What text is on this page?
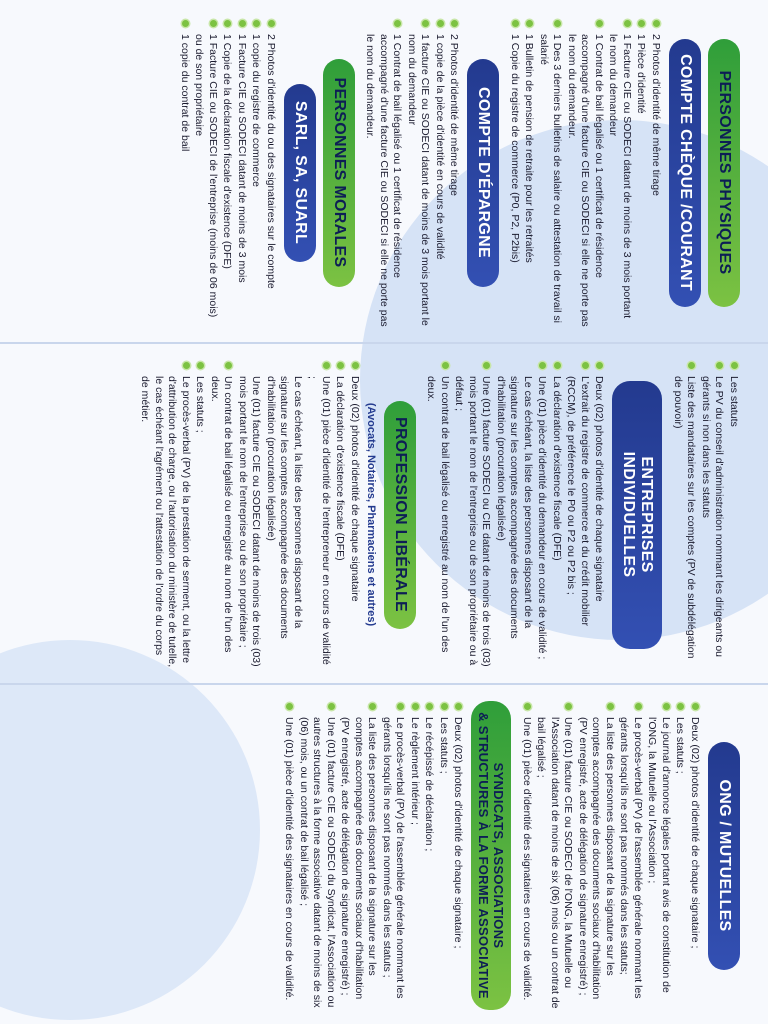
PERSONNES PHYSIQUES
COMPTE CHÈQUE /COURANT
2 Photos d'identité de même tirage
1 Pièce d'identité
1 Facture CIE ou SODECI datant de moins de 3 mois portant le nom du demandeur
1 Contrat de bail légalisé ou 1 certificat de résidence accompagné d'une facture CIE ou SODECI si elle ne porte pas le nom du demandeur.
1 Des 3 derniers bulletins de salaire ou attestation de travail si salarié
1 Bulletin de pension de retraite pour les retraités
1 Copie du registre de commerce (P0, P2, P2bis)
COMPTE D'ÉPARGNE
2 Photos d'identité de même tirage
1 copie de la pièce d'identité en cours de validité
1 facture CIE ou SODECI datant de moins de 3 mois portant le nom du demandeur
1 Contrat de bail légalisé ou 1 certificat de résidence accompagné d'une facture CIE ou SODECI si elle ne porte pas le nom du demandeur.
PERSONNES MORALES
SARL, SA, SUARL
2 Photos d'identité du ou des signataires sur le compte
1 copie du registre de commerce
1 Facture CIE ou SODECI datant de moins de 3 mois
1 Copie de la déclaration fiscale d'existence (DFE)
1 Facture CIE ou SODECI de l'entreprise (moins de 06 mois) ou de son propriétaire
1 copie du contrat de bail
Les statuts
Le PV du conseil d'administration nommant les dirigeants ou gérants si non dans les statuts
Liste des mandataires sur les comptes (PV de subdélégation de pouvoir)
ENTREPRISES INDIVIDUELLES
Deux (02) photos d'identité de chaque signataire
L'extrait du registre de commerce et du crédit mobilier (RCCM), de préférence le P0 ou P2 ou P2 bis ;
La déclaration d'existence fiscale (DFE)
Une (01) pièce d'identité du demandeur en cours de validité ;
Le cas échéant, la liste des personnes disposant de la signature sur les comptes accompagnée des documents d'habilitation (procuration légalisée)
Une (01) facture SODECI ou CIE datant de moins de trois (03) mois portant le nom de l'entreprise ou de son propriétaire ou à défaut ;
Un contrat de bail légalisé ou enregistré au nom de l'un des deux.
PROFESSION LIBÉRALE
(Avocats, Notaires, Pharmaciens et autres)
Deux (02) photos d'identité de chaque signataire
La déclaration d'existence fiscale (DFE)
Une (01) pièce d'identité de l'entrepreneur en cours de validité ;
Le cas échéant, la liste des personnes disposant de la signature sur les comptes accompagnée des documents d'habilitation (procuration légalisée)
Une (01) facture CIE ou SODECI datant de moins de trois (03) mois portant le nom de l'entreprise ou de son propriétaire ;
Un contrat de bail légalisé ou enregistré au nom de l'un des deux.
Les statuts ;
Le procès-verbal (PV) de la prestation de serment, ou la lettre d'attribution de charge, ou l'autorisation du ministère de tutelle, le cas échéant l'agrément ou l'attestation de l'ordre du corps de métier.
ONG / MUTUELLES
Deux (02) photos d'identité de chaque signataire ;
Les statuts ;
Le journal d'annonce légales portant avis de constitution de l'ONG, la Mutuelle ou l'Association ;
Le procès-verbal (PV) de l'assemblée générale nommant les gérants lorsqu'ils ne sont pas nommés dans les statuts;
La liste des personnes disposant de la signature sur les comptes accompagnée des documents sociaux d'habilitation (PV enregistré, acte de délégation de signature enregistré) ;
Une (01) facture CIE ou SODECI de l'ONG, la Mutuelle ou l'Association datant de moins de six (06) mois ou un contrat de bail légalisé ;
Une (01) pièce d'identité des signataires en cours de validité.
SYNDICATS, ASSOCIATIONS
& STRUCTURES À LA FORME ASSOCIATIVE
Deux (02) photos d'identité de chaque signataire ;
Les statuts ;
Le récépissé de déclaration ;
Le règlement intérieur ;
Le procès-verbal (PV) de l'assemblée générale nommant les gérants lorsqu'ils ne sont pas nommés dans les statuts ;
La liste des personnes disposant de la signature sur les comptes accompagnée des documents sociaux d'habilitation (PV enregistré, acte de délégation de signature enregistré) ;
Une (01) facture CIE ou SODECI du Syndicat, l'Association ou autres structures à la forme associative datant de moins de six (06) mois, ou un contrat de bail légalisé ;
Une (01) pièce d'identité des signataires en cours de validité.
